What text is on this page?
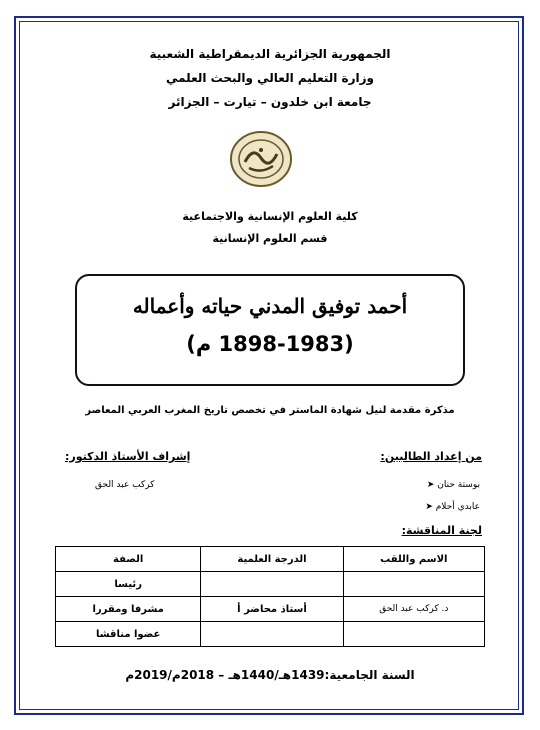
الجمهورية الجزائرية الديمقراطية الشعبية
وزارة التعليم العالي والبحث العلمي
جامعة ابن خلدون – تيارت – الجزائر
كلية العلوم الإنسانية والاجتماعية
قسم العلوم الإنسانية
أحمد توفيق المدني حياته وأعماله
(1898-1983 م)
مذكرة مقدمة لنيل شهادة الماستر في تخصص تاريخ المغرب العربي المعاصر
من إعداد الطالبين:
إشراف الأستاذ الدكتور:
بوستة حنان ➤
عابدي أحلام ➤
كركب عبد الحق
لجنة المناقشة:
الاسم واللقب	الدرجة العلمية	الصفة
		رئيسا
د. كركب عبد الحق	أستاذ محاضر أ	مشرفا ومقررا
		عضوا مناقشا
السنة الجامعية:1439هـ/1440هـ – 2018م/2019م
